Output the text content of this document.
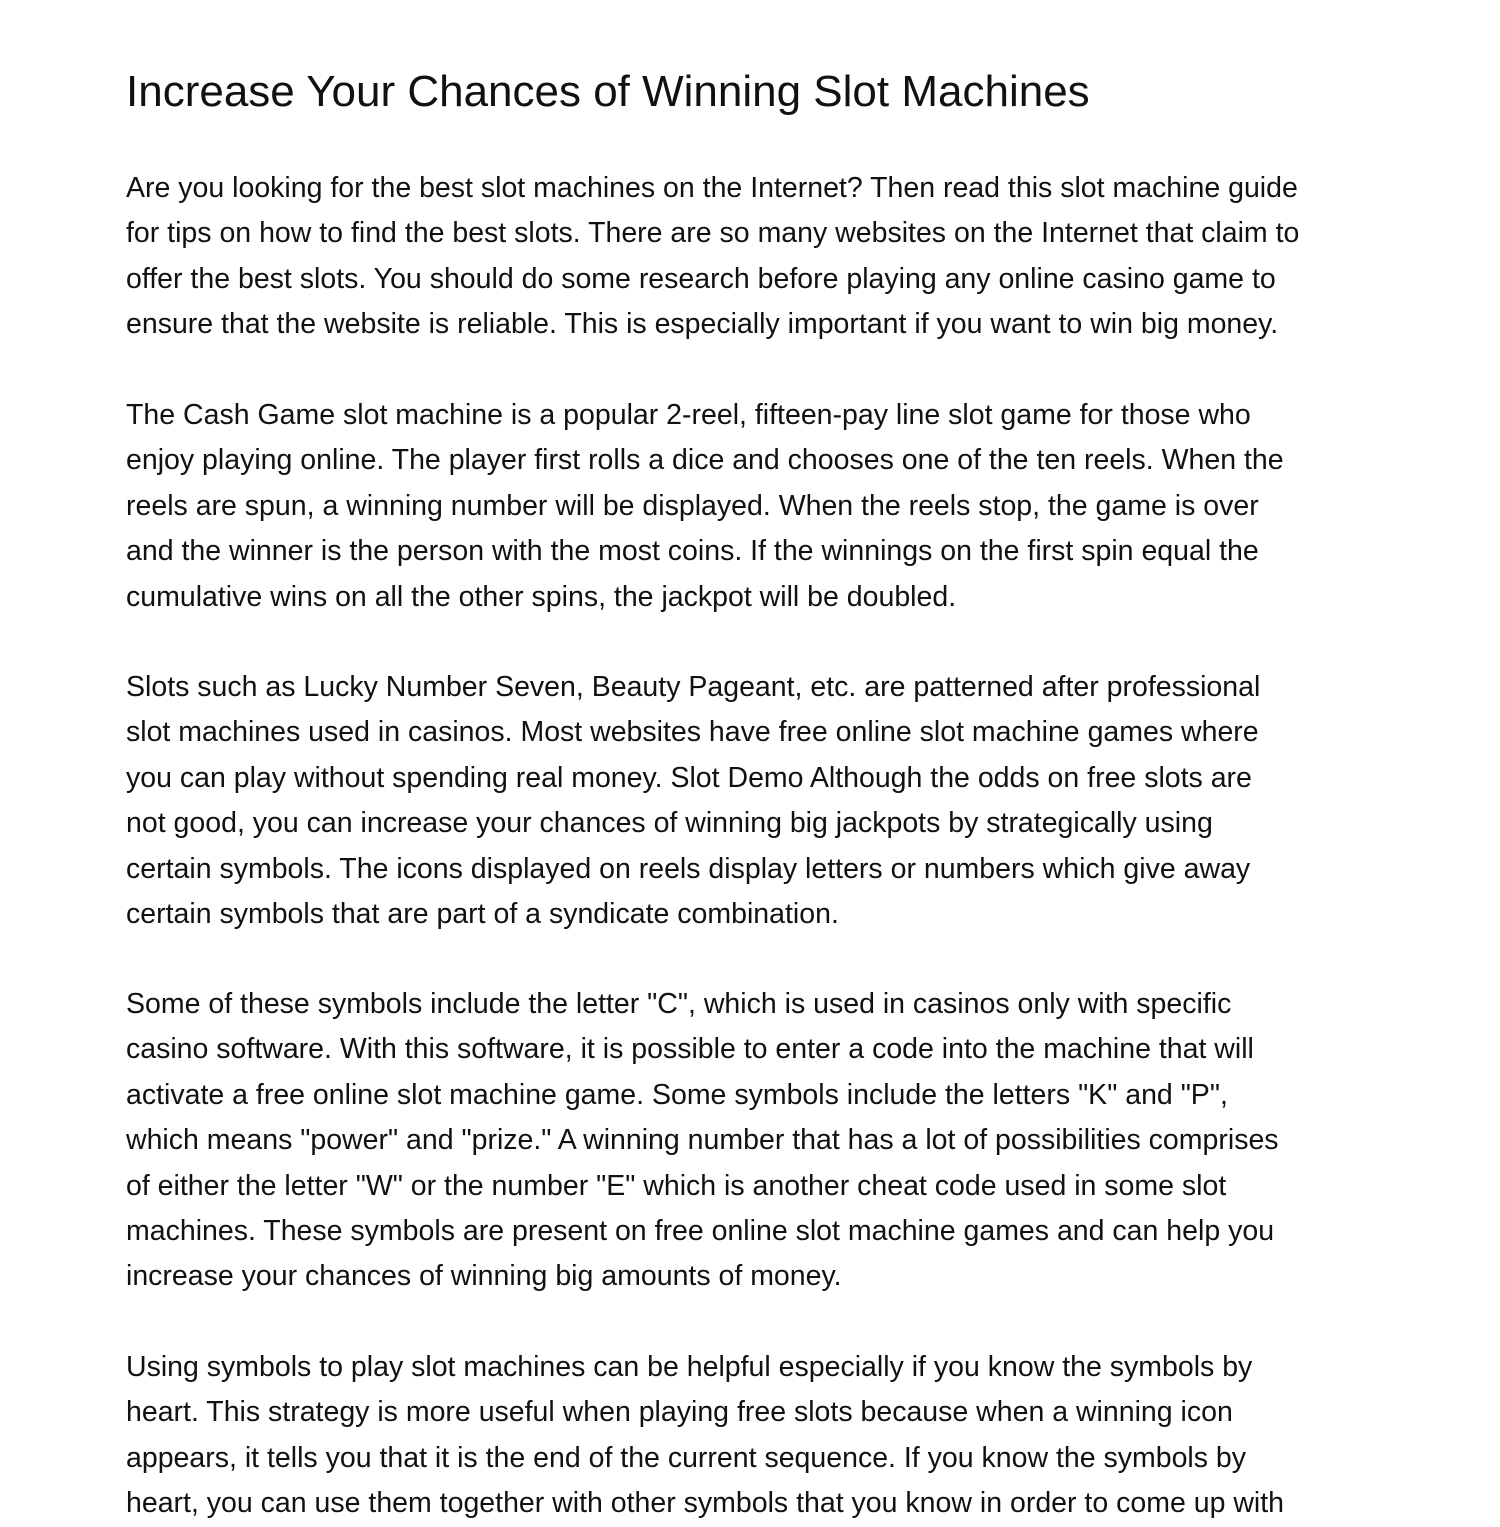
Increase Your Chances of Winning Slot Machines
Are you looking for the best slot machines on the Internet? Then read this slot machine guide
for tips on how to find the best slots. There are so many websites on the Internet that claim to
offer the best slots. You should do some research before playing any online casino game to
ensure that the website is reliable. This is especially important if you want to win big money.
The Cash Game slot machine is a popular 2-reel, fifteen-pay line slot game for those who
enjoy playing online. The player first rolls a dice and chooses one of the ten reels. When the
reels are spun, a winning number will be displayed. When the reels stop, the game is over
and the winner is the person with the most coins. If the winnings on the first spin equal the
cumulative wins on all the other spins, the jackpot will be doubled.
Slots such as Lucky Number Seven, Beauty Pageant, etc. are patterned after professional
slot machines used in casinos. Most websites have free online slot machine games where
you can play without spending real money. Slot Demo Although the odds on free slots are
not good, you can increase your chances of winning big jackpots by strategically using
certain symbols. The icons displayed on reels display letters or numbers which give away
certain symbols that are part of a syndicate combination.
Some of these symbols include the letter "C", which is used in casinos only with specific
casino software. With this software, it is possible to enter a code into the machine that will
activate a free online slot machine game. Some symbols include the letters "K" and "P",
which means "power" and "prize." A winning number that has a lot of possibilities comprises
of either the letter "W" or the number "E" which is another cheat code used in some slot
machines. These symbols are present on free online slot machine games and can help you
increase your chances of winning big amounts of money.
Using symbols to play slot machines can be helpful especially if you know the symbols by
heart. This strategy is more useful when playing free slots because when a winning icon
appears, it tells you that it is the end of the current sequence. If you know the symbols by
heart, you can use them together with other symbols that you know in order to come up with
